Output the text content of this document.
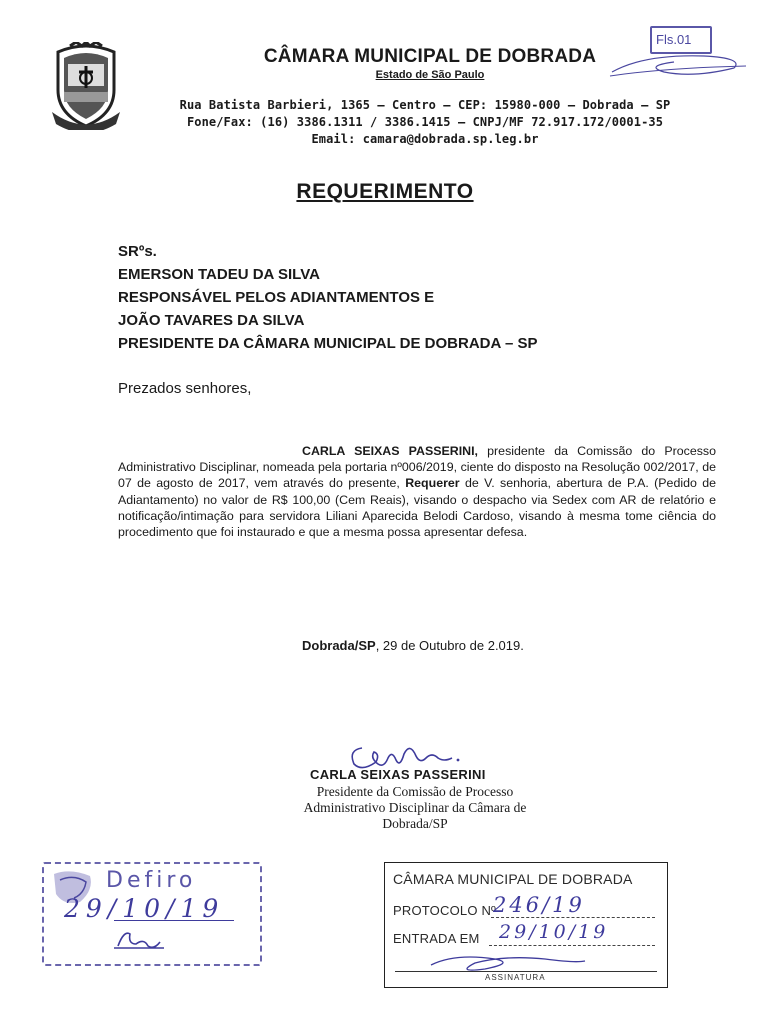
CÂMARA MUNICIPAL DE DOBRADA
Estado de São Paulo
Rua Batista Barbieri, 1365 – Centro – CEP: 15980-000 – Dobrada – SP
Fone/Fax: (16) 3386.1311 / 3386.1415 – CNPJ/MF 72.917.172/0001-35
Email: camara@dobrada.sp.leg.br
Fls.01
REQUERIMENTO
SRºs.
EMERSON TADEU DA SILVA
RESPONSÁVEL PELOS ADIANTAMENTOS E
JOÃO TAVARES DA SILVA
PRESIDENTE DA CÂMARA MUNICIPAL DE DOBRADA – SP
Prezados senhores,
CARLA SEIXAS PASSERINI, presidente da Comissão do Processo Administrativo Disciplinar, nomeada pela portaria nº006/2019, ciente do disposto na Resolução 002/2017, de 07 de agosto de 2017, vem através do presente, Requerer de V. senhoria, abertura de P.A. (Pedido de Adiantamento) no valor de R$ 100,00 (Cem Reais), visando o despacho via Sedex com AR de relatório e notificação/intimação para servidora Liliani Aparecida Belodi Cardoso, visando à mesma tome ciência do procedimento que foi instaurado e que a mesma possa apresentar defesa.
Dobrada/SP, 29 de Outubro de 2.019.
CARLA SEIXAS PASSERINI
Presidente da Comissão de Processo
Administrativo Disciplinar da Câmara de
Dobrada/SP
Defiro
29/10/19
CÂMARA MUNICIPAL DE DOBRADA
PROTOCOLO Nº
246/19
ENTRADA EM 29/10/19
ASSINATURA
